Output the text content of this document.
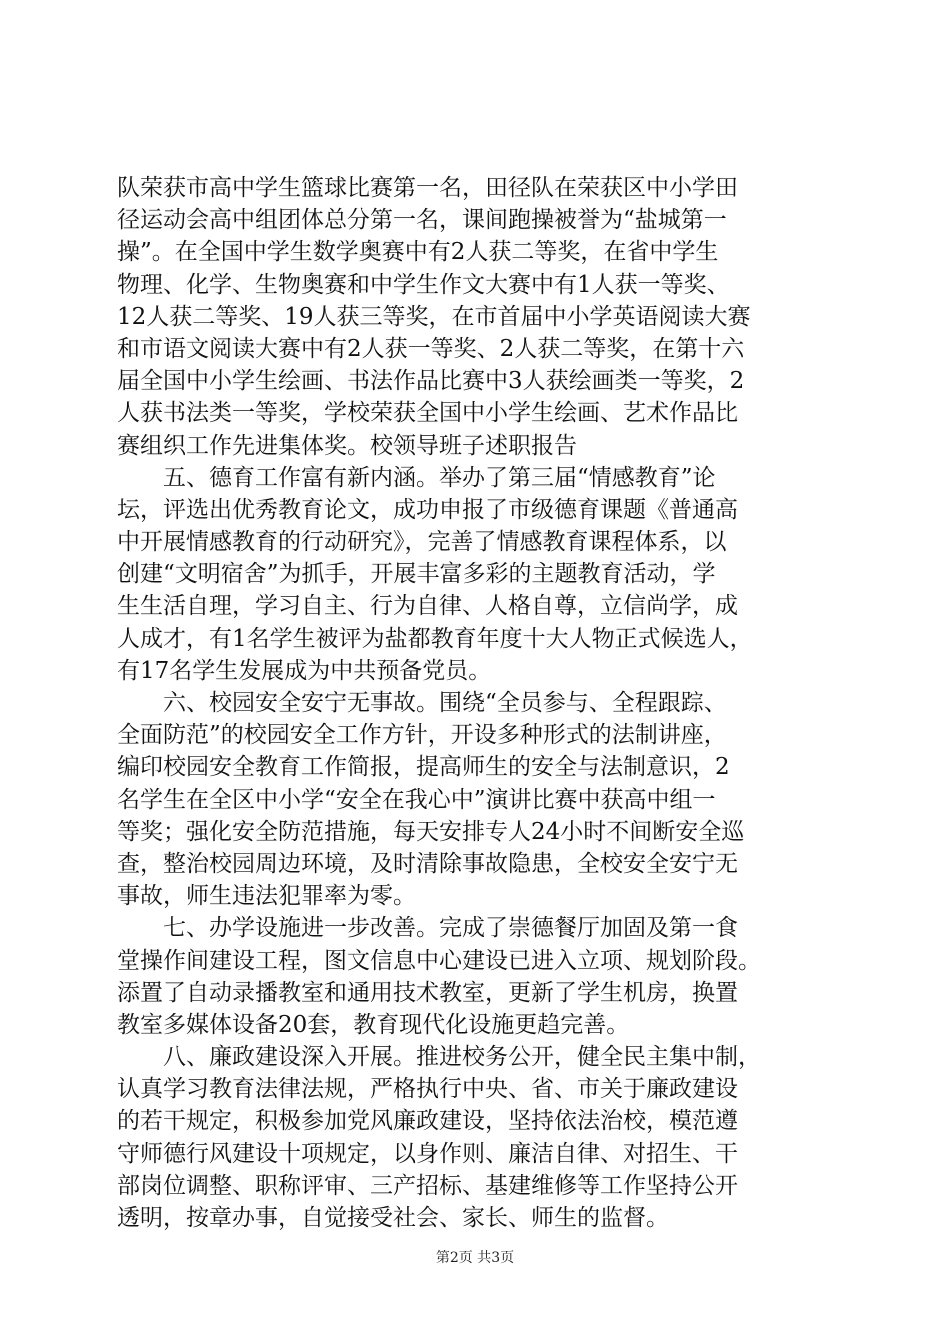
队荣获市高中学生篮球比赛第一名，田径队在荣获区中小学田
径运动会高中组团体总分第一名，课间跑操被誉为“盐城第一
操”。在全国中学生数学奥赛中有2人获二等奖，在省中学生
物理、化学、生物奥赛和中学生作文大赛中有1人获一等奖、
12人获二等奖、19人获三等奖，在市首届中小学英语阅读大赛
和市语文阅读大赛中有2人获一等奖、2人获二等奖，在第十六
届全国中小学生绘画、书法作品比赛中3人获绘画类一等奖，2
人获书法类一等奖，学校荣获全国中小学生绘画、艺术作品比
赛组织工作先进集体奖。校领导班子述职报告
　　五、德育工作富有新内涵。举办了第三届“情感教育”论
坛，评选出优秀教育论文，成功申报了市级德育课题《普通高
中开展情感教育的行动研究》，完善了情感教育课程体系，以
创建“文明宿舍”为抓手，开展丰富多彩的主题教育活动，学
生生活自理，学习自主、行为自律、人格自尊，立信尚学，成
人成才，有1名学生被评为盐都教育年度十大人物正式候选人，
有17名学生发展成为中共预备党员。
　　六、校园安全安宁无事故。围绕“全员参与、全程跟踪、
全面防范”的校园安全工作方针，开设多种形式的法制讲座，
编印校园安全教育工作简报，提高师生的安全与法制意识，2
名学生在全区中小学“安全在我心中”演讲比赛中获高中组一
等奖；强化安全防范措施，每天安排专人24小时不间断安全巡
查，整治校园周边环境，及时清除事故隐患，全校安全安宁无
事故，师生违法犯罪率为零。
　　七、办学设施进一步改善。完成了崇德餐厅加固及第一食
堂操作间建设工程，图文信息中心建设已进入立项、规划阶段。
添置了自动录播教室和通用技术教室，更新了学生机房，换置
教室多媒体设备20套，教育现代化设施更趋完善。
　　八、廉政建设深入开展。推进校务公开，健全民主集中制，
认真学习教育法律法规，严格执行中央、省、市关于廉政建设
的若干规定，积极参加党风廉政建设，坚持依法治校，模范遵
守师德行风建设十项规定，以身作则、廉洁自律、对招生、干
部岗位调整、职称评审、三产招标、基建维修等工作坚持公开
透明，按章办事，自觉接受社会、家长、师生的监督。
第2页 共3页
